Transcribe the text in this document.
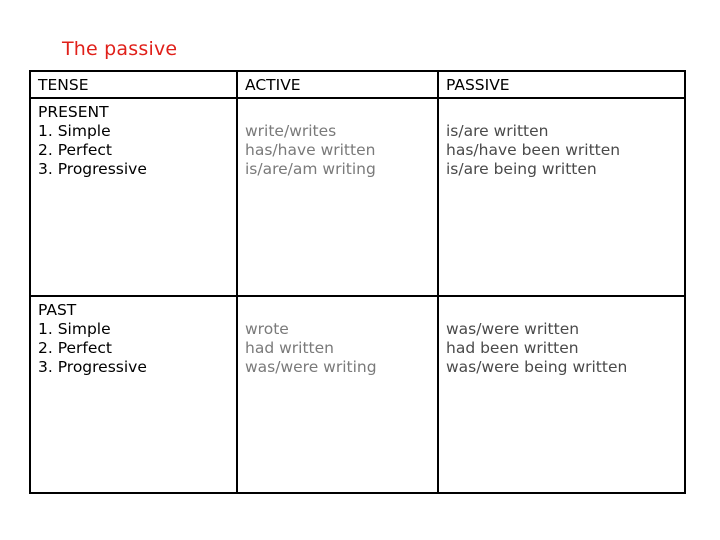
The passive
TENSE	ACTIVE	PASSIVE
PRESENT
1. Simple
2. Perfect
3. Progressive
write/writes
has/have written
is/are/am writing
is/are written
has/have been written
is/are being written
PAST
1. Simple
2. Perfect
3. Progressive
wrote
had written
was/were writing
was/were written
had been written
was/were being written
